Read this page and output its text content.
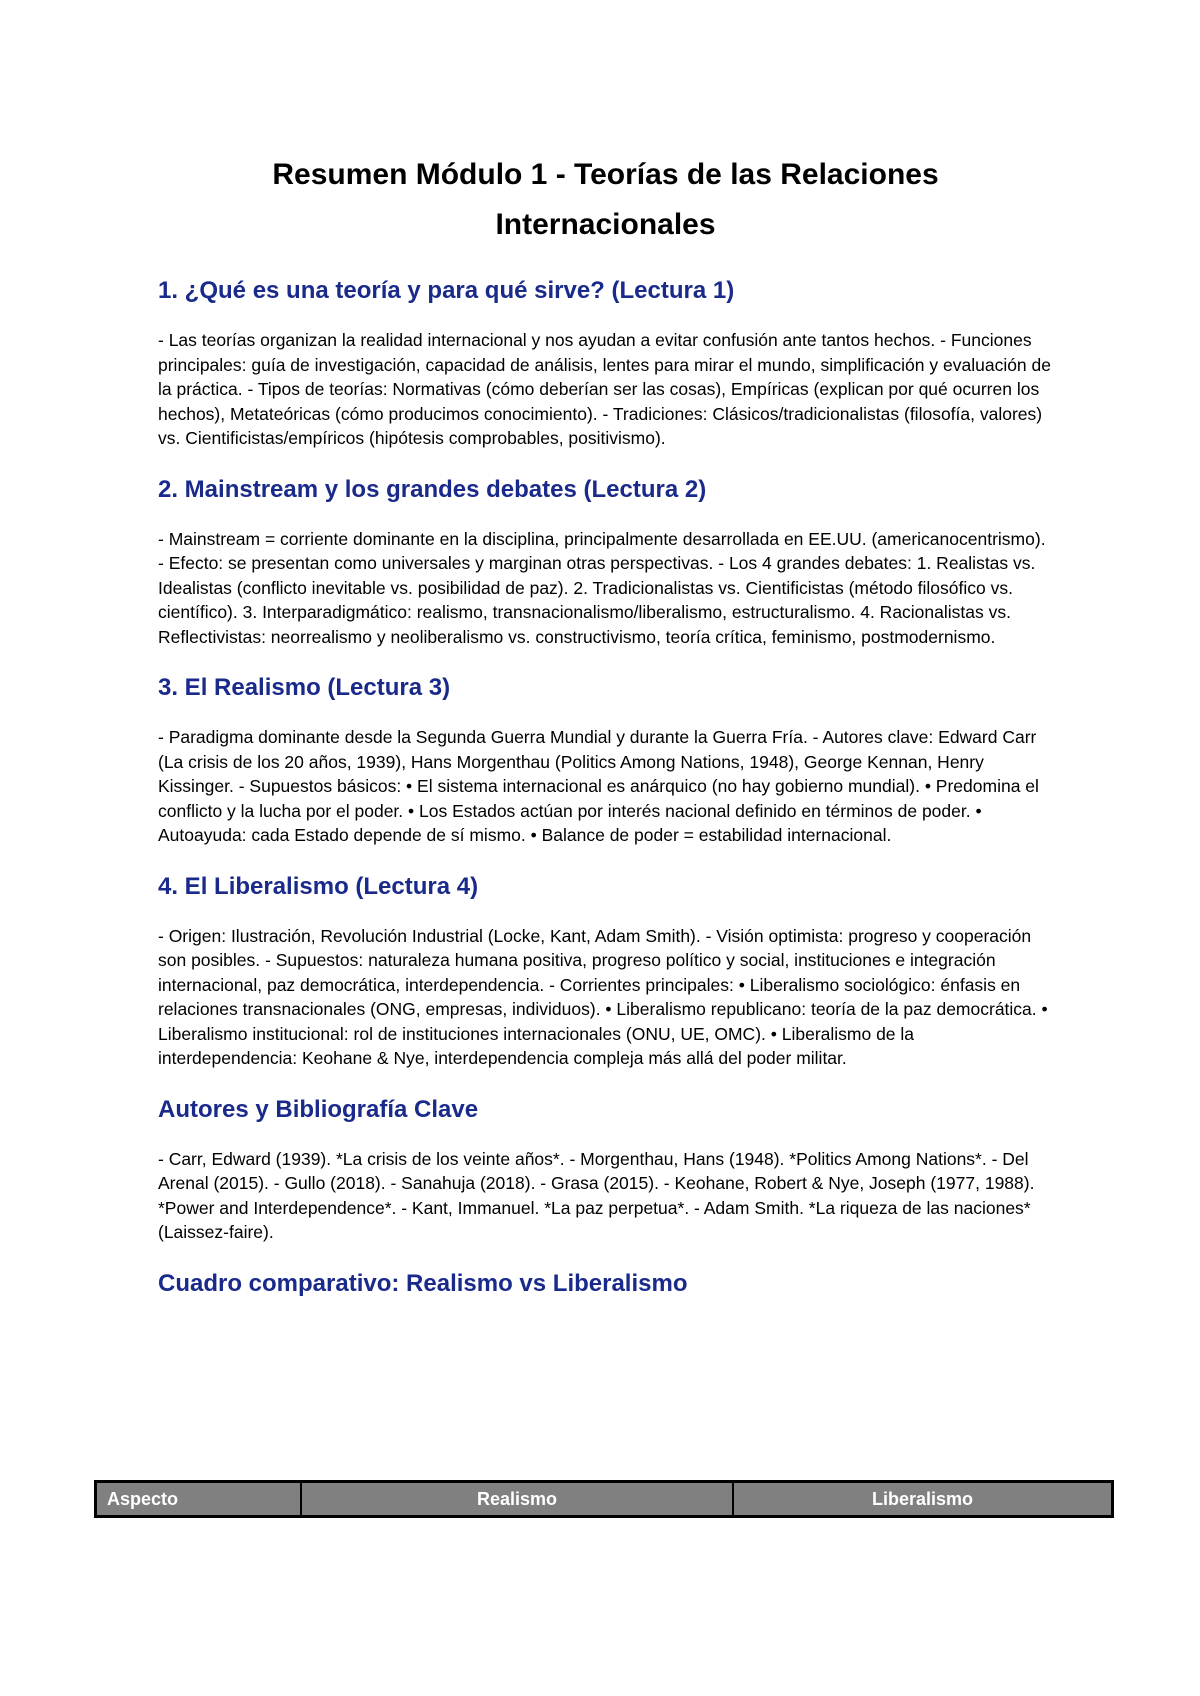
Resumen Módulo 1 - Teorías de las Relaciones Internacionales
1. ¿Qué es una teoría y para qué sirve? (Lectura 1)

- Las teorías organizan la realidad internacional y nos ayudan a evitar confusión ante tantos hechos. - Funciones principales: guía de investigación, capacidad de análisis, lentes para mirar el mundo, simplificación y evaluación de la práctica. - Tipos de teorías: Normativas (cómo deberían ser las cosas), Empíricas (explican por qué ocurren los hechos), Metateóricas (cómo producimos conocimiento). - Tradiciones: Clásicos/tradicionalistas (filosofía, valores) vs. Cientificistas/empíricos (hipótesis comprobables, positivismo).

2. Mainstream y los grandes debates (Lectura 2)

- Mainstream = corriente dominante en la disciplina, principalmente desarrollada en EE.UU. (americanocentrismo). - Efecto: se presentan como universales y marginan otras perspectivas. - Los 4 grandes debates: 1. Realistas vs. Idealistas (conflicto inevitable vs. posibilidad de paz). 2. Tradicionalistas vs. Cientificistas (método filosófico vs. científico). 3. Interparadigmático: realismo, transnacionalismo/liberalismo, estructuralismo. 4. Racionalistas vs. Reflectivistas: neorrealismo y neoliberalismo vs. constructivismo, teoría crítica, feminismo, postmodernismo.

3. El Realismo (Lectura 3)

- Paradigma dominante desde la Segunda Guerra Mundial y durante la Guerra Fría. - Autores clave: Edward Carr (La crisis de los 20 años, 1939), Hans Morgenthau (Politics Among Nations, 1948), George Kennan, Henry Kissinger. - Supuestos básicos: • El sistema internacional es anárquico (no hay gobierno mundial). • Predomina el conflicto y la lucha por el poder. • Los Estados actúan por interés nacional definido en términos de poder. • Autoayuda: cada Estado depende de sí mismo. • Balance de poder = estabilidad internacional.

4. El Liberalismo (Lectura 4)

- Origen: Ilustración, Revolución Industrial (Locke, Kant, Adam Smith). - Visión optimista: progreso y cooperación son posibles. - Supuestos: naturaleza humana positiva, progreso político y social, instituciones e integración internacional, paz democrática, interdependencia. - Corrientes principales: • Liberalismo sociológico: énfasis en relaciones transnacionales (ONG, empresas, individuos). • Liberalismo republicano: teoría de la paz democrática. • Liberalismo institucional: rol de instituciones internacionales (ONU, UE, OMC). • Liberalismo de la interdependencia: Keohane & Nye, interdependencia compleja más allá del poder militar.

Autores y Bibliografía Clave

- Carr, Edward (1939). *La crisis de los veinte años*. - Morgenthau, Hans (1948). *Politics Among Nations*. - Del Arenal (2015). - Gullo (2018). - Sanahuja (2018). - Grasa (2015). - Keohane, Robert & Nye, Joseph (1977, 1988). *Power and Interdependence*. - Kant, Immanuel. *La paz perpetua*. - Adam Smith. *La riqueza de las naciones* (Laissez-faire).

Cuadro comparativo: Realismo vs Liberalismo
Aspecto	Realismo	Liberalismo
